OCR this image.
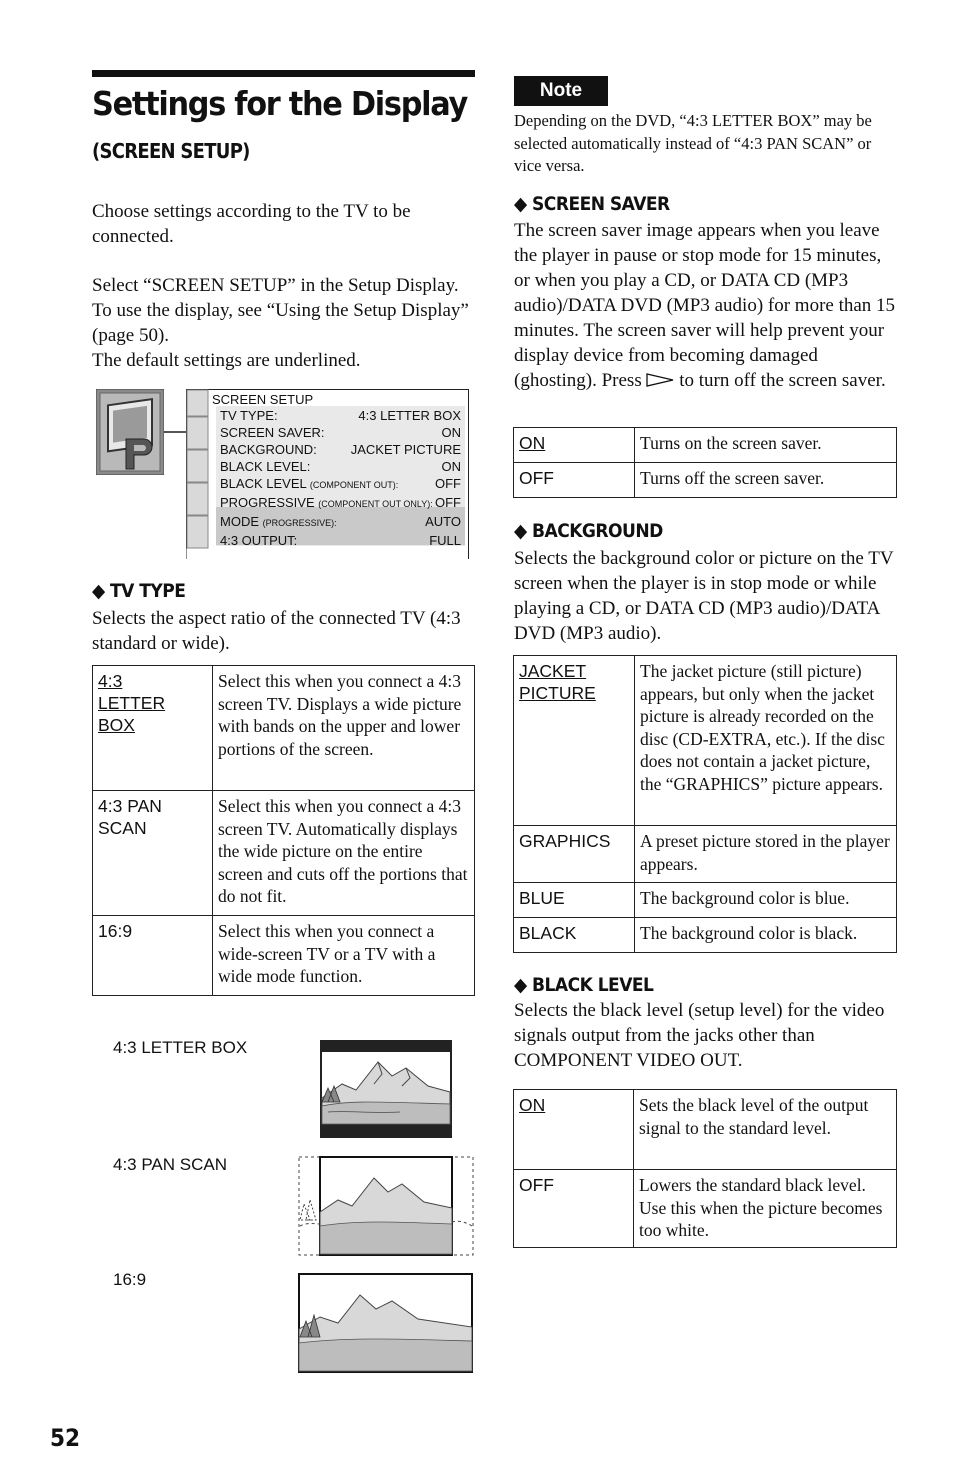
Settings for the Display
(SCREEN SETUP)
Choose settings according to the TV to be connected.
Select “SCREEN SETUP” in the Setup Display. To use the display, see “Using the Setup Display” (page 50).
The default settings are underlined.
SCREEN SETUP
TV TYPE:	4:3 LETTER BOX
SCREEN SAVER:	ON
BACKGROUND:	JACKET PICTURE
BLACK LEVEL:	ON
BLACK LEVEL (COMPONENT OUT):	OFF
PROGRESSIVE (COMPONENT OUT ONLY): OFF
MODE (PROGRESSIVE):	AUTO
4:3 OUTPUT:	FULL
◆ TV TYPE
Selects the aspect ratio of the connected TV (4:3 standard or wide).
4:3 LETTER BOX	Select this when you connect a 4:3 screen TV. Displays a wide picture with bands on the upper and lower portions of the screen.

4:3 PAN SCAN	Select this when you connect a 4:3 screen TV. Automatically displays the wide picture on the entire screen and cuts off the portions that do not fit.
16:9	Select this when you connect a wide-screen TV or a TV with a wide mode function.
4:3 LETTER BOX
4:3 PAN SCAN
16:9
Note
Depending on the DVD, “4:3 LETTER BOX” may be selected automatically instead of “4:3 PAN SCAN” or vice versa.
◆ SCREEN SAVER
The screen saver image appears when you leave the player in pause or stop mode for 15 minutes, or when you play a CD, or DATA CD (MP3 audio)/DATA DVD (MP3 audio) for more than 15 minutes. The screen saver will help prevent your display device from becoming damaged (ghosting). Press to turn off the screen saver.
ON	Turns on the screen saver.
OFF	Turns off the screen saver.
◆ BACKGROUND
Selects the background color or picture on the TV screen when the player is in stop mode or while playing a CD, or DATA CD (MP3 audio)/DATA DVD (MP3 audio).
JACKET PICTURE	The jacket picture (still picture) appears, but only when the jacket picture is already recorded on the disc (CD-EXTRA, etc.). If the disc does not contain a jacket picture, the “GRAPHICS” picture appears.
GRAPHICS	A preset picture stored in the player appears.
BLUE	The background color is blue.
BLACK	The background color is black.
◆ BLACK LEVEL
Selects the black level (setup level) for the video signals output from the jacks other than COMPONENT VIDEO OUT.
ON	Sets the black level of the output signal to the standard level.
OFF	Lowers the standard black level. Use this when the picture becomes too white.
52
